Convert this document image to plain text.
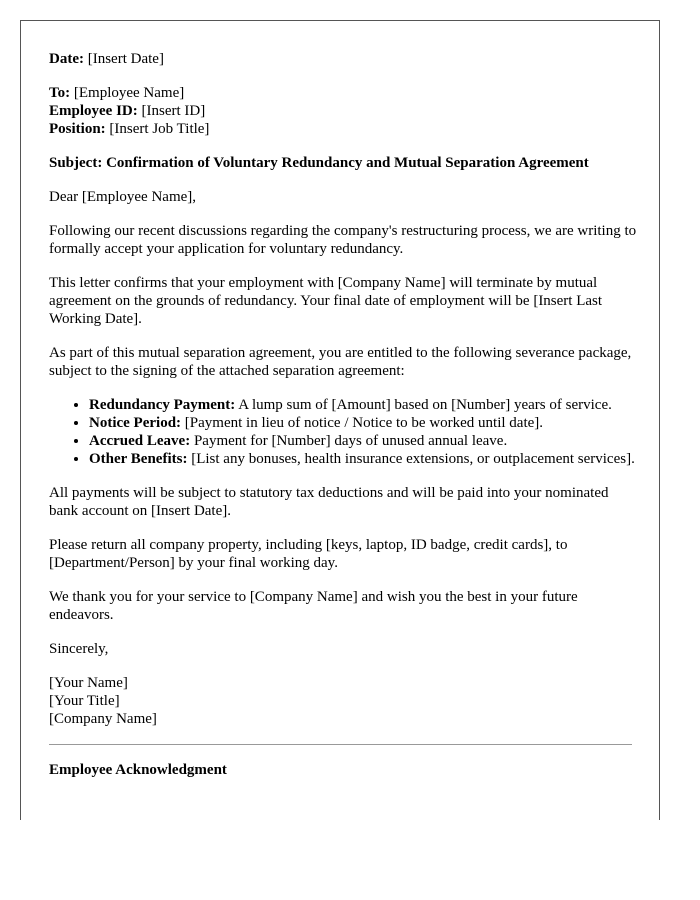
Date: [Insert Date]

To: [Employee Name]
Employee ID: [Insert ID]
Position: [Insert Job Title]

Subject: Confirmation of Voluntary Redundancy and Mutual Separation Agreement

Dear [Employee Name],

Following our recent discussions regarding the company's restructuring process, we are writing to formally accept your application for voluntary redundancy.

This letter confirms that your employment with [Company Name] will terminate by mutual agreement on the grounds of redundancy. Your final date of employment will be [Insert Last Working Date].

As part of this mutual separation agreement, you are entitled to the following severance package, subject to the signing of the attached separation agreement:

• Redundancy Payment: A lump sum of [Amount] based on [Number] years of service.
• Notice Period: [Payment in lieu of notice / Notice to be worked until date].
• Accrued Leave: Payment for [Number] days of unused annual leave.
• Other Benefits: [List any bonuses, health insurance extensions, or outplacement services].

All payments will be subject to statutory tax deductions and will be paid into your nominated bank account on [Insert Date].

Please return all company property, including [keys, laptop, ID badge, credit cards], to [Department/Person] by your final working day.

We thank you for your service to [Company Name] and wish you the best in your future endeavors.

Sincerely,

[Your Name]
[Your Title]
[Company Name]

Employee Acknowledgment
